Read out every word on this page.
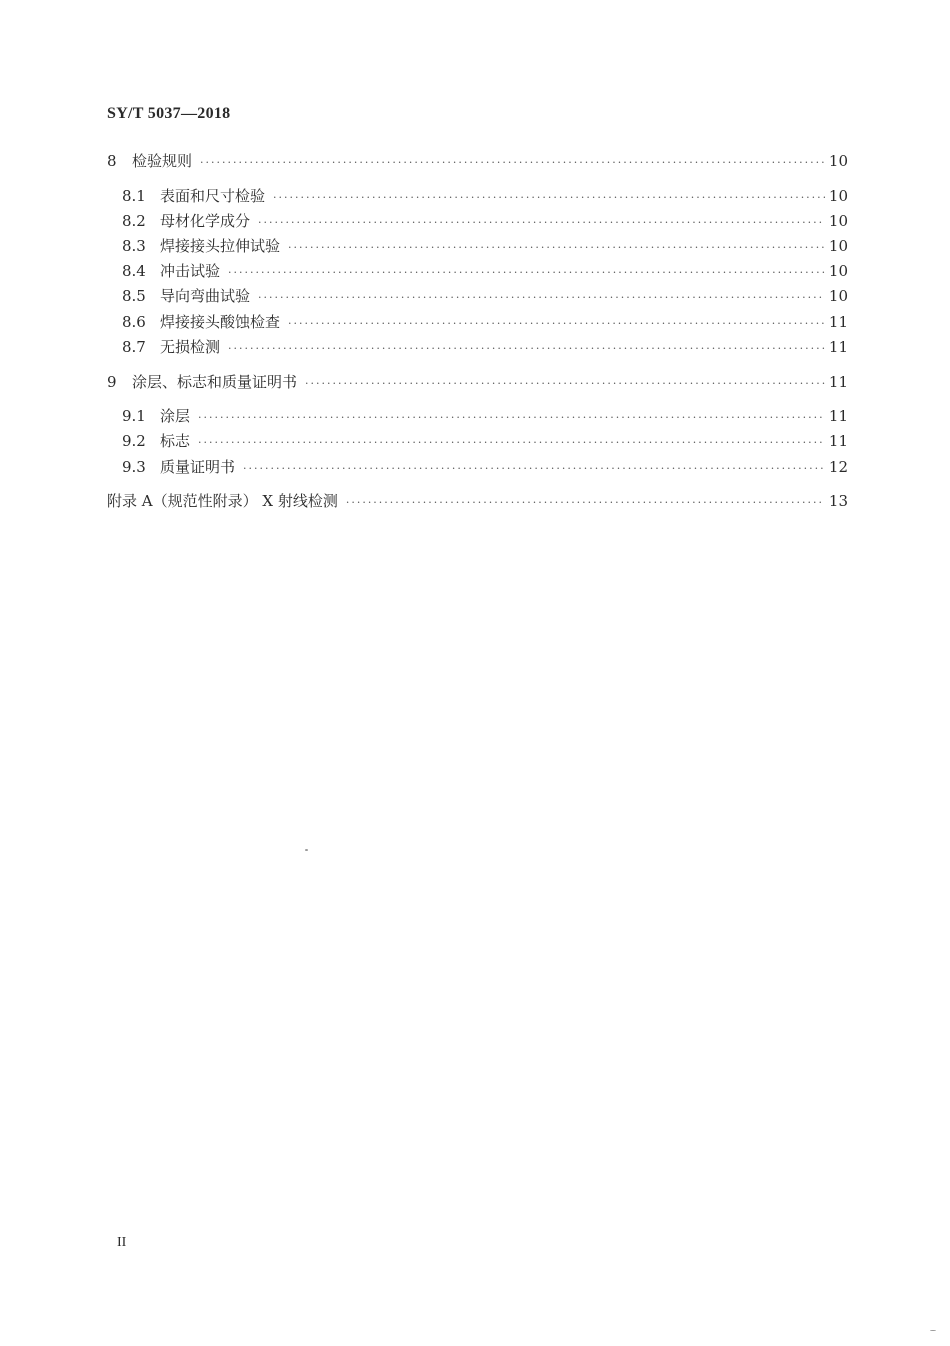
SY/T 5037—2018
8	检验规则 ·····	10
8.1 表面和尺寸检验 ·····	10
8.2 母材化学成分 ·····	10
8.3 焊接接头拉伸试验 ·····	10
8.4 冲击试验 ·····	10
8.5 导向弯曲试验 ·····	10
8.6 焊接接头酸蚀检查 ·····	11
8.7 无损检测 ·····	11
9	涂层、标志和质量证明书 ·····	11
9.1 涂层 ·····	11
9.2 标志 ·····	11
9.3 质量证明书 ·····	12
附录 A（规范性附录） X 射线检测 ·····	13
II
